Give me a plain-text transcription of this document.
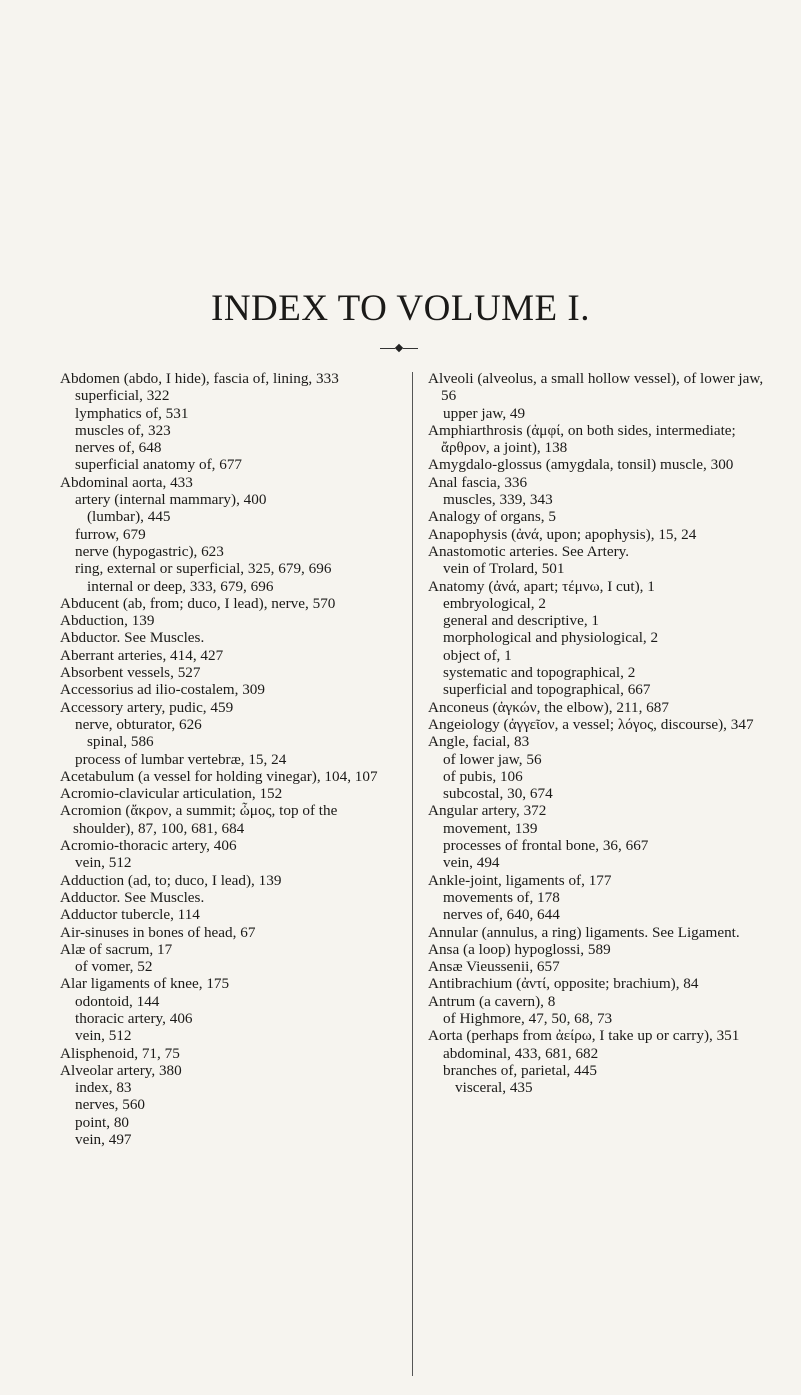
INDEX TO VOLUME I.
Abdomen (abdo, I hide), fascia of, lining, 333
superficial, 322
lymphatics of, 531
muscles of, 323
nerves of, 648
superficial anatomy of, 677
Abdominal aorta, 433
artery (internal mammary), 400
(lumbar), 445
furrow, 679
nerve (hypogastric), 623
ring, external or superficial, 325, 679, 696
internal or deep, 333, 679, 696
Abducent (ab, from; duco, I lead), nerve, 570
Abduction, 139
Abductor. See Muscles.
Aberrant arteries, 414, 427
Absorbent vessels, 527
Accessorius ad ilio-costalem, 309
Accessory artery, pudic, 459
nerve, obturator, 626
spinal, 586
process of lumbar vertebræ, 15, 24
Acetabulum (a vessel for holding vinegar), 104, 107
Acromio-clavicular articulation, 152
Acromion (ἄκρον, a summit; ὦμος, top of the shoulder), 87, 100, 681, 684
Acromio-thoracic artery, 406
vein, 512
Adduction (ad, to; duco, I lead), 139
Adductor. See Muscles.
Adductor tubercle, 114
Air-sinuses in bones of head, 67
Alæ of sacrum, 17
of vomer, 52
Alar ligaments of knee, 175
odontoid, 144
thoracic artery, 406
vein, 512
Alisphenoid, 71, 75
Alveolar artery, 380
index, 83
nerves, 560
point, 80
vein, 497
Alveoli (alveolus, a small hollow vessel), of lower jaw, 56
upper jaw, 49
Amphiarthrosis (ἀμφί, on both sides, intermediate; ἄρθρον, a joint), 138
Amygdalo-glossus (amygdala, tonsil) muscle, 300
Anal fascia, 336
muscles, 339, 343
Analogy of organs, 5
Anapophysis (ἀνά, upon; apophysis), 15, 24
Anastomotic arteries. See Artery.
vein of Trolard, 501
Anatomy (ἀνά, apart; τέμνω, I cut), 1
embryological, 2
general and descriptive, 1
morphological and physiological, 2
object of, 1
systematic and topographical, 2
superficial and topographical, 667
Anconeus (ἀγκών, the elbow), 211, 687
Angeiology (ἀγγεῖον, a vessel; λόγος, discourse), 347
Angle, facial, 83
of lower jaw, 56
of pubis, 106
subcostal, 30, 674
Angular artery, 372
movement, 139
processes of frontal bone, 36, 667
vein, 494
Ankle-joint, ligaments of, 177
movements of, 178
nerves of, 640, 644
Annular (annulus, a ring) ligaments. See Ligament.
Ansa (a loop) hypoglossi, 589
Ansæ Vieussenii, 657
Antibrachium (ἀντί, opposite; brachium), 84
Antrum (a cavern), 8
of Highmore, 47, 50, 68, 73
Aorta (perhaps from ἀείρω, I take up or carry), 351
abdominal, 433, 681, 682
branches of, parietal, 445
visceral, 435
